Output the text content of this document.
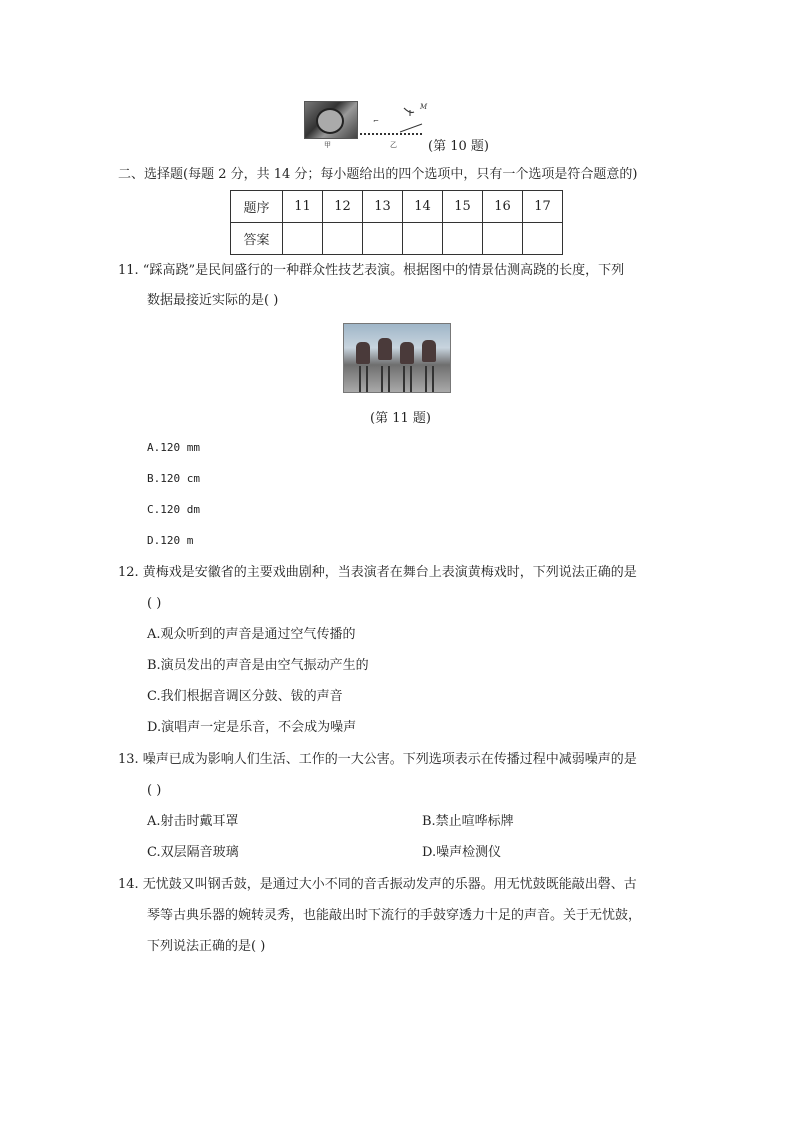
甲
⌐
M
乙 (第 10 题)
二、选择题(每题 2 分，共 14 分；每小题给出的四个选项中，只有一个选项是符合题意的)
题序	11	12	13	14	15	16	17
答案							
11. “踩高跷”是民间盛行的一种群众性技艺表演。根据图中的情景估测高跷的长度，下列
数据最接近实际的是( )
(第 11 题)
A.120 mm
B.120 cm
C.120 dm
D.120 m
12. 黄梅戏是安徽省的主要戏曲剧种，当表演者在舞台上表演黄梅戏时，下列说法正确的是
( )
A.观众听到的声音是通过空气传播的
B.演员发出的声音是由空气振动产生的
C.我们根据音调区分鼓、钹的声音
D.演唱声一定是乐音，不会成为噪声
13. 噪声已成为影响人们生活、工作的一大公害。下列选项表示在传播过程中减弱噪声的是
( )
A.射击时戴耳罩	B.禁止喧哗标牌
C.双层隔音玻璃	D.噪声检测仪
14. 无忧鼓又叫钢舌鼓，是通过大小不同的音舌振动发声的乐器。用无忧鼓既能敲出磬、古
琴等古典乐器的婉转灵秀，也能敲出时下流行的手鼓穿透力十足的声音。关于无忧鼓，
下列说法正确的是( )
